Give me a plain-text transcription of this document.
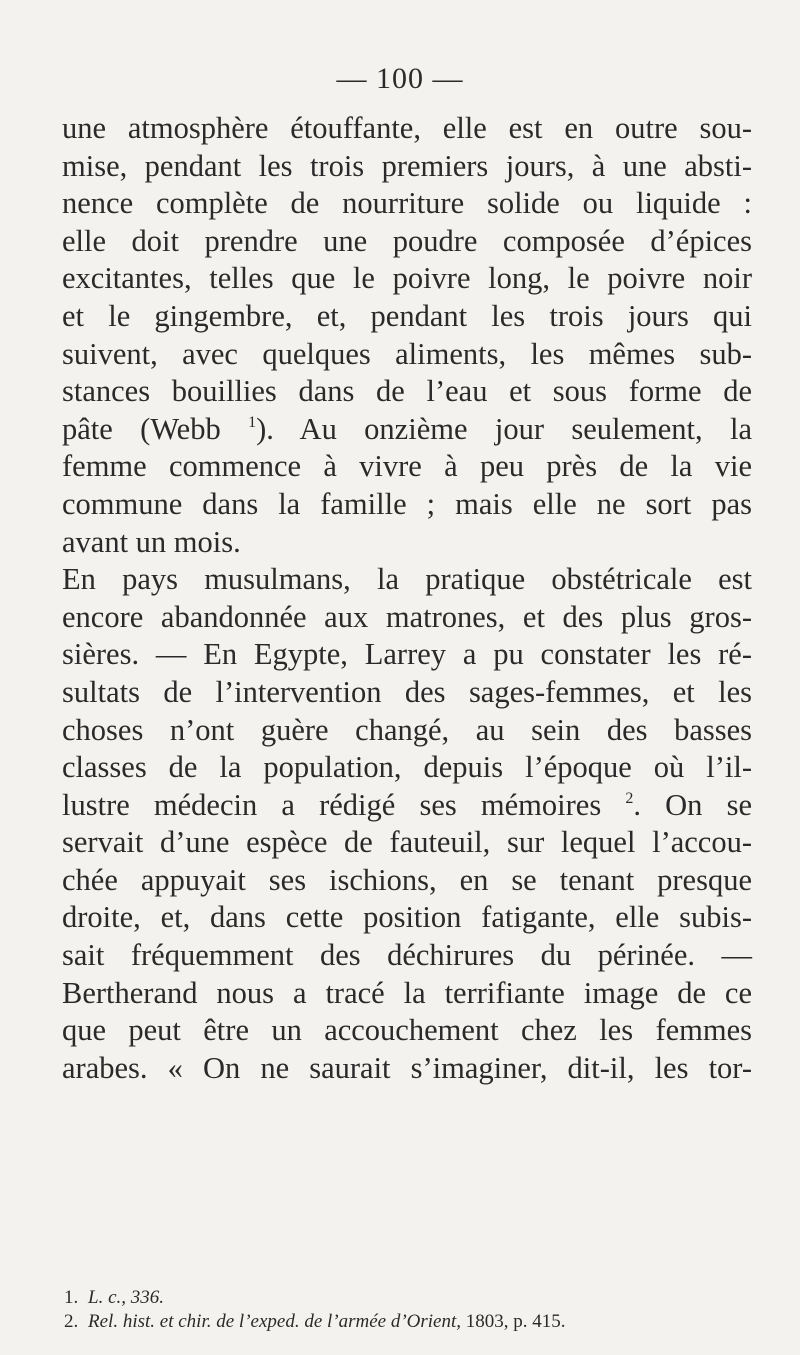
— 100 —
une atmosphère étouffante, elle est en outre sou-
mise, pendant les trois premiers jours, à une absti-
nence complète de nourriture solide ou liquide :
elle doit prendre une poudre composée d’épices
excitantes, telles que le poivre long, le poivre noir
et le gingembre, et, pendant les trois jours qui
suivent, avec quelques aliments, les mêmes sub-
stances bouillies dans de l’eau et sous forme de
pâte (Webb $^1$). Au onzième jour seulement, la
femme commence à vivre à peu près de la vie
commune dans la famille ; mais elle ne sort pas
avant un mois.
En pays musulmans, la pratique obstétricale est
encore abandonnée aux matrones, et des plus gros-
sières. — En Egypte, Larrey a pu constater les ré-
sultats de l’intervention des sages-femmes, et les
choses n’ont guère changé, au sein des basses
classes de la population, depuis l’époque où l’il-
lustre médecin a rédigé ses mémoires $^2$. On se
servait d’une espèce de fauteuil, sur lequel l’accou-
chée appuyait ses ischions, en se tenant presque
droite, et, dans cette position fatigante, elle subis-
sait fréquemment des déchirures du périnée. —
Bertherand nous a tracé la terrifiante image de ce
que peut être un accouchement chez les femmes
arabes. « On ne saurait s’imaginer, dit-il, les tor-
1. L. c., 336.
2. Rel. hist. et chir. de l’exped. de l’armée d’Orient, 1803, p. 415.
